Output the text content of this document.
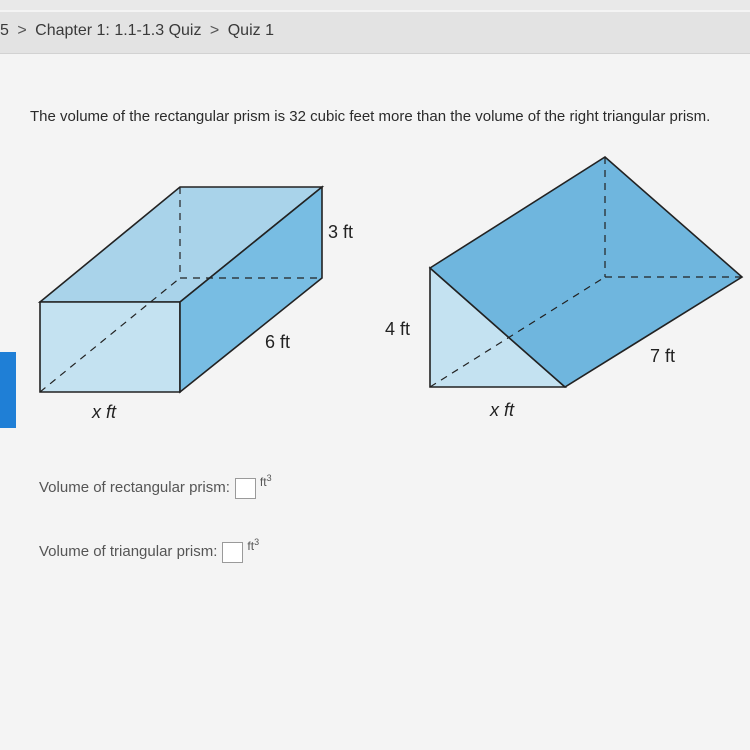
5 > Chapter 1: 1.1-1.3 Quiz > Quiz 1
The volume of the rectangular prism is 32 cubic feet more than the volume of the right triangular prism.
3 ft
6 ft
x ft
4 ft
7 ft
x ft
Volume of rectangular prism:	$ft^3$
Volume of triangular prism:	$ft^3$
